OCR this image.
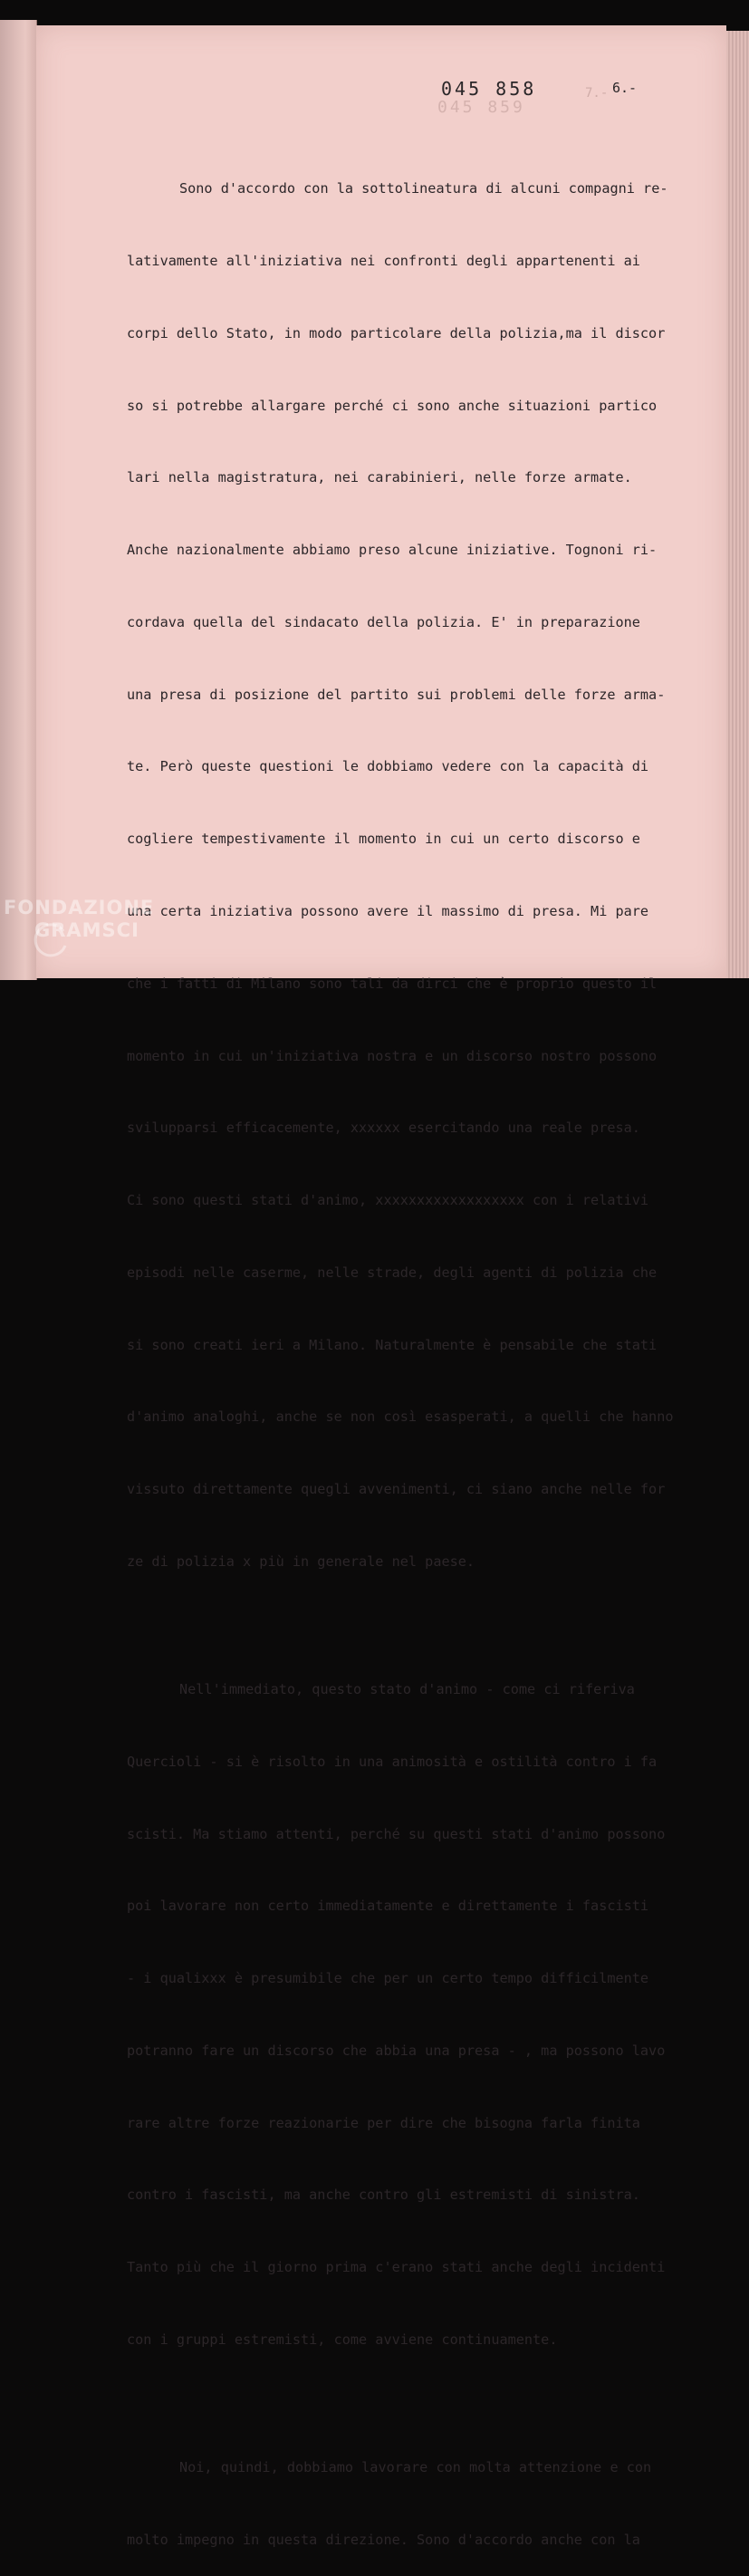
045 859
7.-
045 858	6.-

Sono d'accordo con la sottolineatura di alcuni compagni re-

lativamente all'iniziativa nei confronti degli appartenenti ai

corpi dello Stato, in modo particolare della polizia,ma il discor

so si potrebbe allargare perché ci sono anche situazioni partico

lari nella magistratura, nei carabinieri, nelle forze armate.

Anche nazionalmente abbiamo preso alcune iniziative. Tognoni ri-

cordava quella del sindacato della polizia. E' in preparazione

una presa di posizione del partito sui problemi delle forze arma-

te. Però queste questioni le dobbiamo vedere con la capacità di

cogliere tempestivamente il momento in cui un certo discorso e

una certa iniziativa possono avere il massimo di presa. Mi pare

che i fatti di Milano sono tali da dirci che è proprio questo il

momento in cui un'iniziativa nostra e un discorso nostro possono

svilupparsi efficacemente, xxxxxx esercitando una reale presa.

Ci sono questi stati d'animo, xxxxxxxxxxxxxxxxxx con i relativi

episodi nelle caserme, nelle strade, degli agenti di polizia che

si sono creati ieri a Milano. Naturalmente è pensabile che stati

d'animo analoghi, anche se non così esasperati, a quelli che hanno

vissuto direttamente quegli avvenimenti, ci siano anche nelle for

ze di polizia x più in generale nel paese.

Nell'immediato, questo stato d'animo - come ci riferiva

Quercioli - si è risolto in una animosità e ostilità contro i fa

scisti. Ma stiamo attenti, perché su questi stati d'animo possono

poi lavorare non certo immediatamente e direttamente i fascisti

- i qualixxx è presumibile che per un certo tempo difficilmente

potranno fare un discorso che abbia una presa - , ma possono lavo

rare altre forze reazionarie per dire che bisogna farla finita

contro i fascisti, ma anche contro gli estremisti di sinistra.

Tanto più che il giorno prima c'erano stati anche degli incidenti

con i gruppi estremisti, come avviene continuamente.

Noi, quindi, dobbiamo lavorare con molta attenzione e con

molto impegno in questa direzione. Sono d'accordo anche con la

FONDAZIONE
GRAMSCI
